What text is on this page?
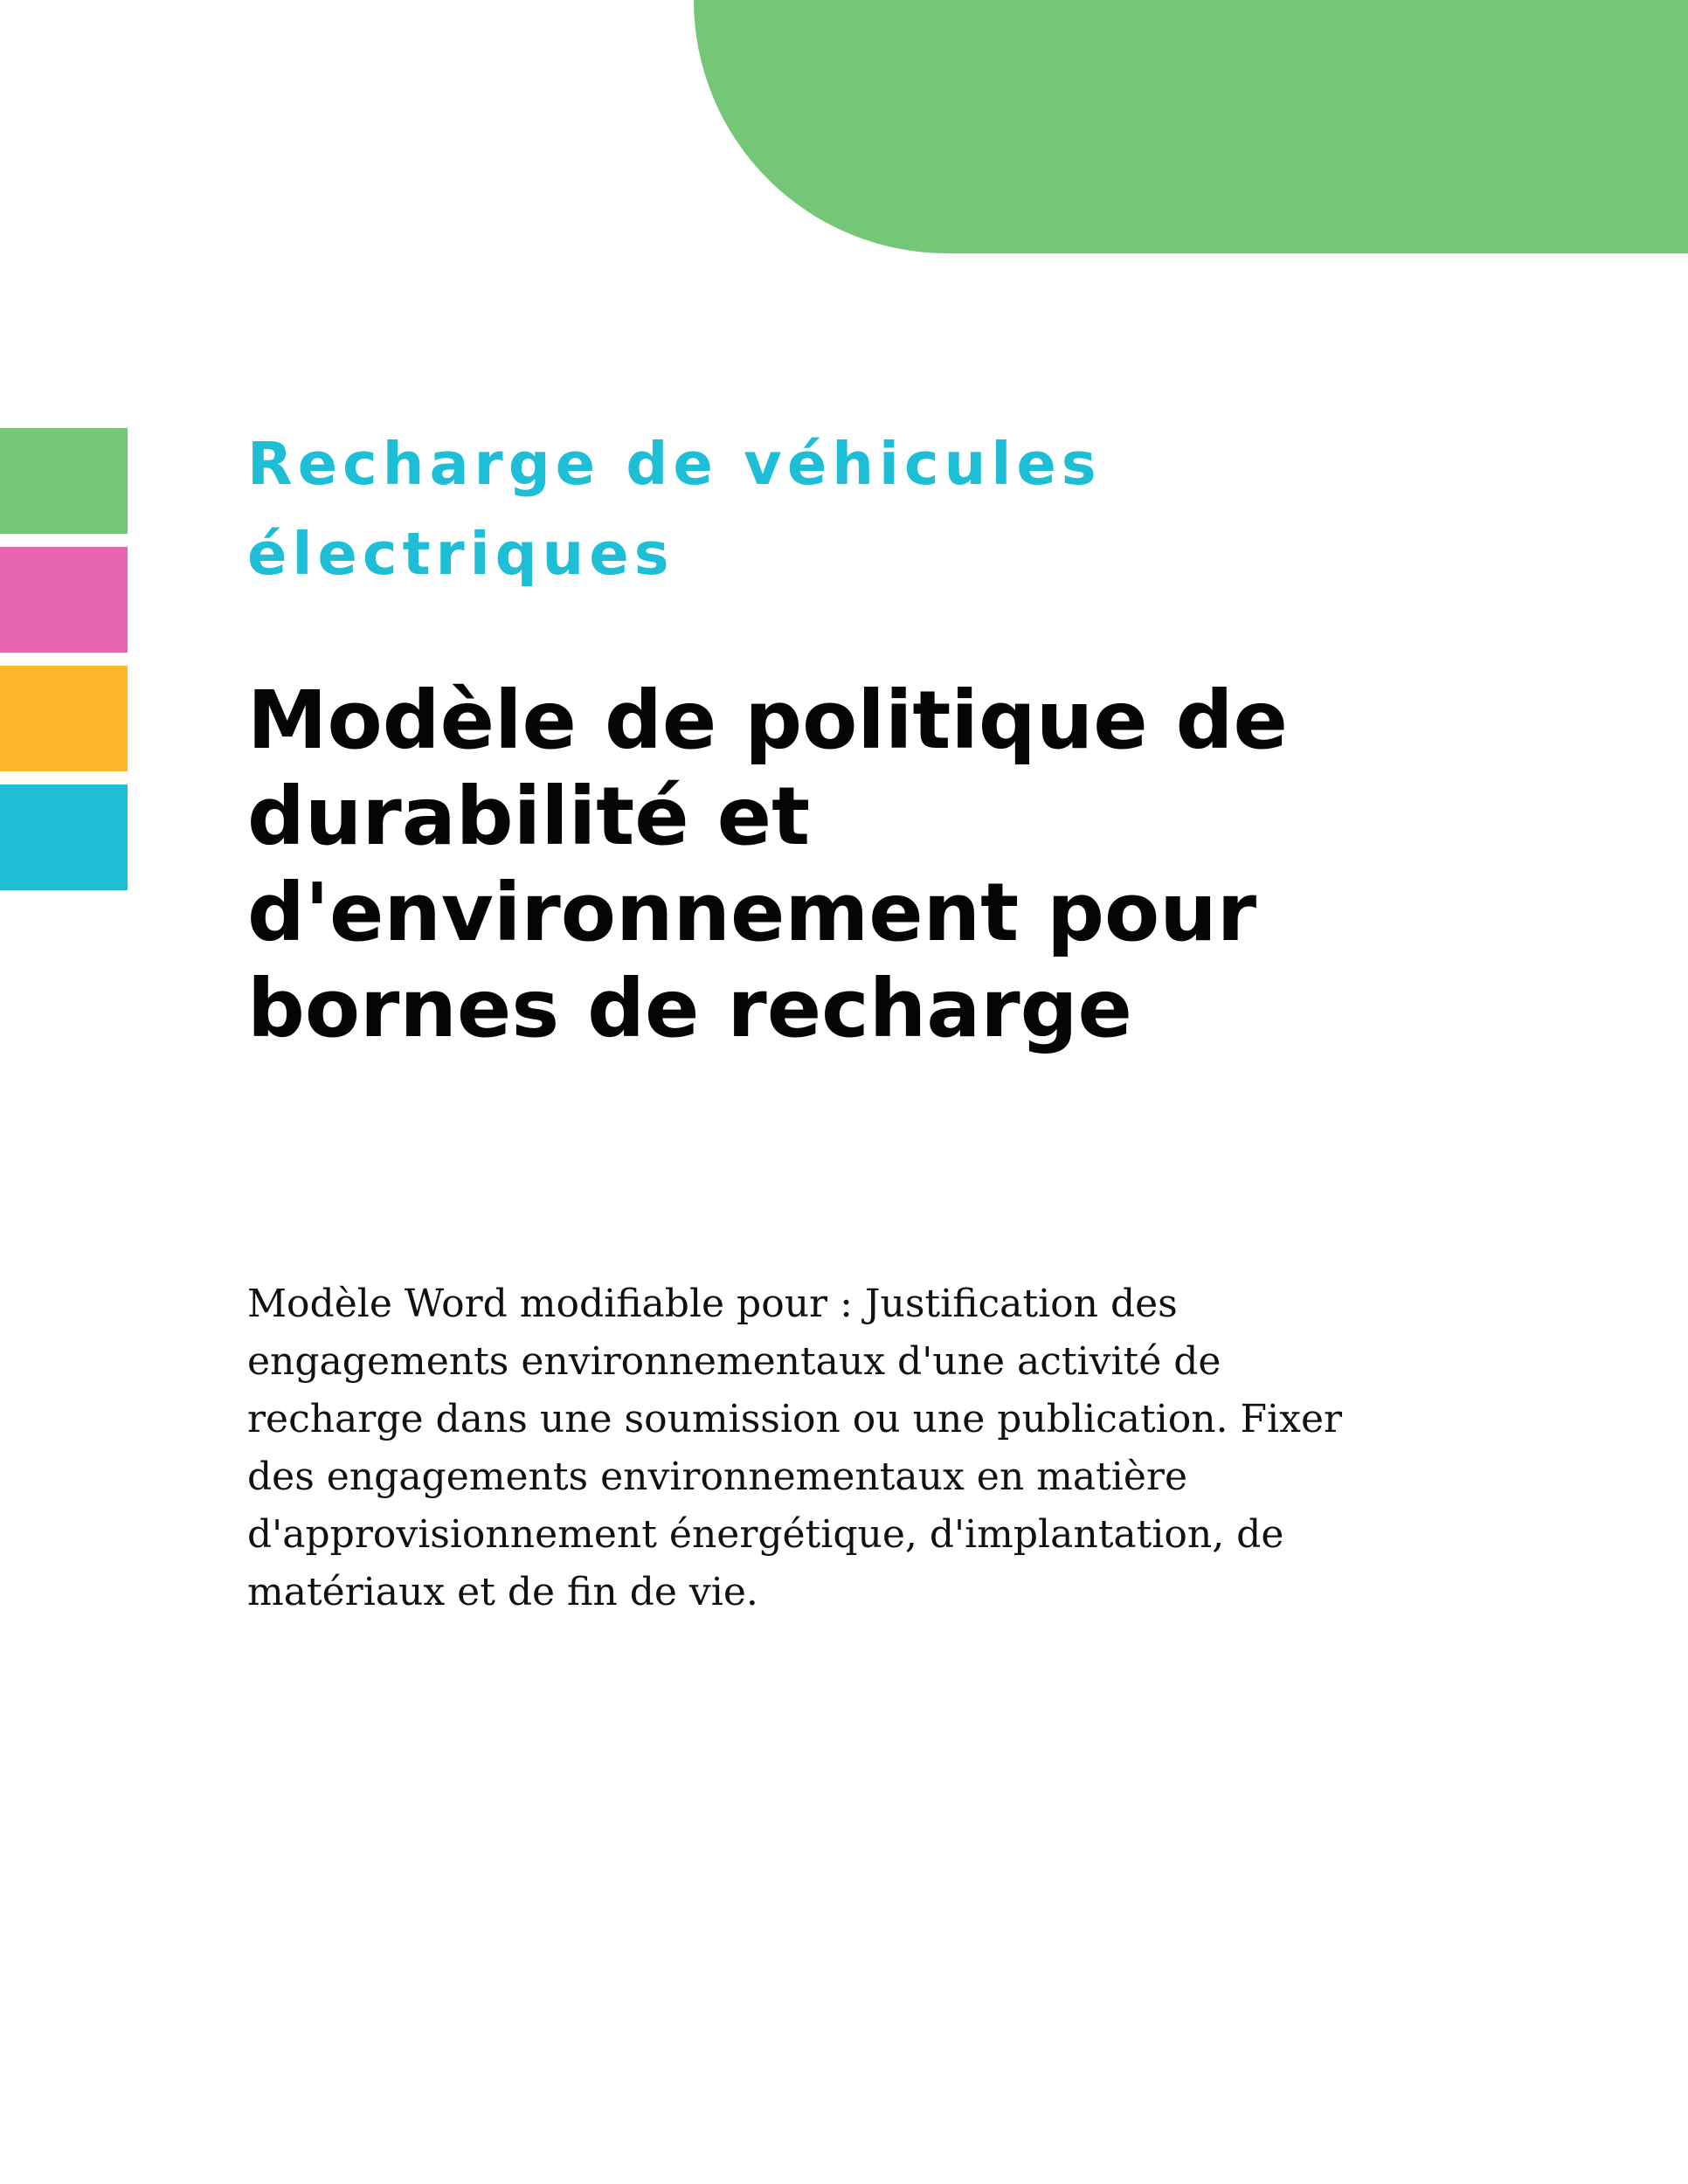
Recharge de véhicules
électriques
Modèle de politique de
durabilité et
d'environnement pour
bornes de recharge

Modèle Word modifiable pour : Justification des
engagements environnementaux d'une activité de
recharge dans une soumission ou une publication. Fixer
des engagements environnementaux en matière
d'approvisionnement énergétique, d'implantation, de
matériaux et de fin de vie.
